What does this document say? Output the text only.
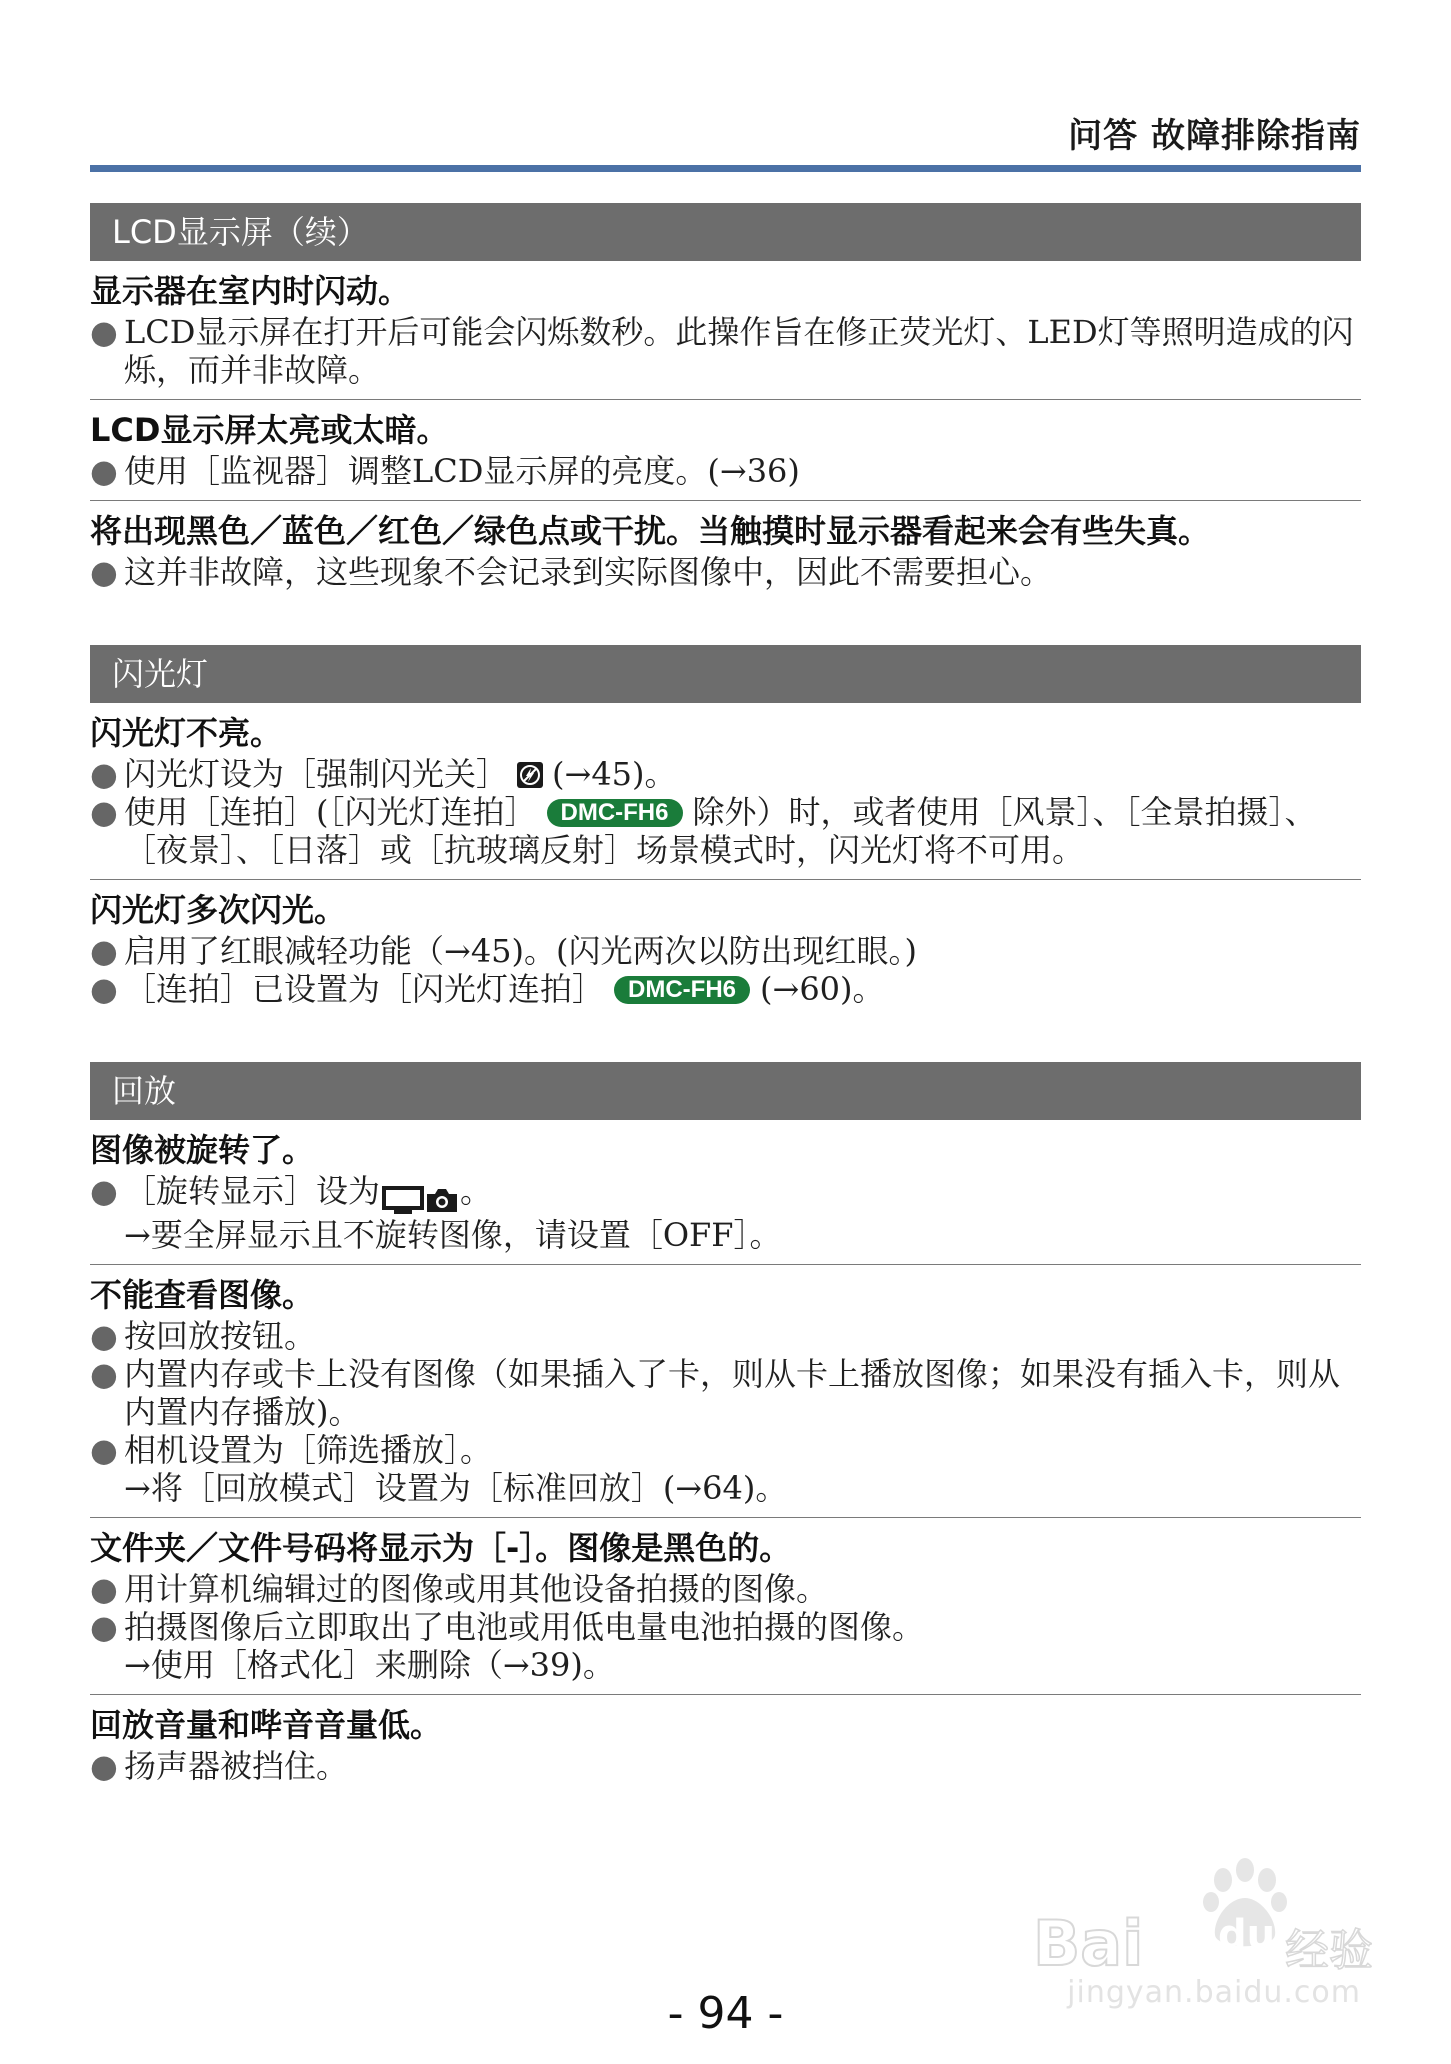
问答 故障排除指南
LCD显示屏（续）
显示器在室内时闪动。
● LCD显示屏在打开后可能会闪烁数秒。此操作旨在修正荧光灯、LED灯等照明造成的闪烁，而并非故障。
LCD显示屏太亮或太暗。
● 使用［监视器］调整LCD显示屏的亮度。(→36)
将出现黑色／蓝色／红色／绿色点或干扰。当触摸时显示器看起来会有些失真。
● 这并非故障，这些现象不会记录到实际图像中，因此不需要担心。
闪光灯
闪光灯不亮。
● 闪光灯设为［强制闪光关］ (→45)。
● 使用［连拍］(［闪光灯连拍］ DMC-FH6 除外）时，或者使用［风景］、［全景拍摄］、［夜景］、［日落］或［抗玻璃反射］场景模式时，闪光灯将不可用。
闪光灯多次闪光。
● 启用了红眼减轻功能（→45)。(闪光两次以防出现红眼。)
● ［连拍］已设置为［闪光灯连拍］ DMC-FH6 (→60)。
回放
图像被旋转了。
● ［旋转显示］设为	。
→要全屏显示且不旋转图像，请设置［OFF］。
不能查看图像。
● 按回放按钮。
● 内置内存或卡上没有图像（如果插入了卡，则从卡上播放图像；如果没有插入卡，则从内置内存播放)。
● 相机设置为［筛选播放］。
→将［回放模式］设置为［标准回放］(→64)。
文件夹／文件号码将显示为［-］。图像是黑色的。
● 用计算机编辑过的图像或用其他设备拍摄的图像。
● 拍摄图像后立即取出了电池或用低电量电池拍摄的图像。
→使用［格式化］来删除（→39)。
回放音量和哔音音量低。
● 扬声器被挡住。
Bai du 经验
jingyan.baidu.com
- 94 -
